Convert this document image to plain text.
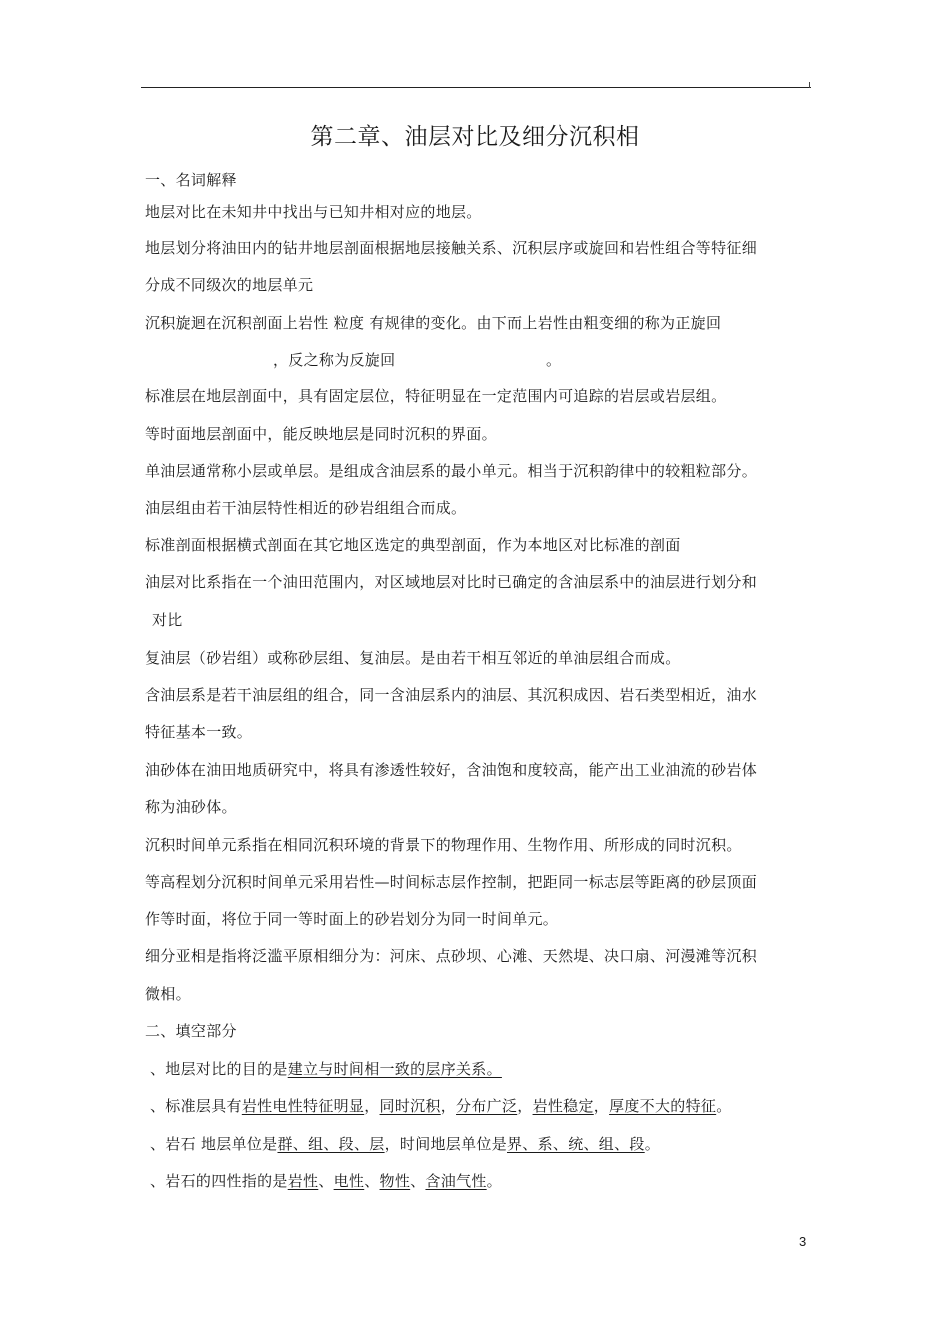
第二章、油层对比及细分沉积相
一、名词解释
地层对比在未知井中找出与已知井相对应的地层。
地层划分将油田内的钻井地层剖面根据地层接触关系、沉积层序或旋回和岩性组合等特征细
分成不同级次的地层单元
沉积旋迴在沉积剖面上岩性 粒度 有规律的变化。由下而上岩性由粗变细的称为正旋回
，反之称为反旋回	。
标准层在地层剖面中，具有固定层位，特征明显在一定范围内可追踪的岩层或岩层组。
等时面地层剖面中，能反映地层是同时沉积的界面。
单油层通常称小层或单层。是组成含油层系的最小单元。相当于沉积韵律中的较粗粒部分。
油层组由若干油层特性相近的砂岩组组合而成。
标准剖面根据横式剖面在其它地区选定的典型剖面，作为本地区对比标准的剖面
油层对比系指在一个油田范围内，对区域地层对比时已确定的含油层系中的油层进行划分和
对比
复油层（砂岩组）或称砂层组、复油层。是由若干相互邻近的单油层组合而成。
含油层系是若干油层组的组合，同一含油层系内的油层、其沉积成因、岩石类型相近，油水
特征基本一致。
油砂体在油田地质研究中，将具有渗透性较好，含油饱和度较高，能产出工业油流的砂岩体
称为油砂体。
沉积时间单元系指在相同沉积环境的背景下的物理作用、生物作用、所形成的同时沉积。
等高程划分沉积时间单元采用岩性—时间标志层作控制，把距同一标志层等距离的砂层顶面
作等时面，将位于同一等时面上的砂岩划分为同一时间单元。
细分亚相是指将泛滥平原相细分为：河床、点砂坝、心滩、天然堤、决口扇、河漫滩等沉积
微相。
二、填空部分
、地层对比的目的是建立与时间相一致的层序关系。
、标准层具有岩性电性特征明显，同时沉积，分布广泛，岩性稳定，厚度不大的特征。
、岩石 地层单位是群、组、段、层，时间地层单位是界、系、统、组、段。
、岩石的四性指的是岩性、电性、物性、含油气性。
3
